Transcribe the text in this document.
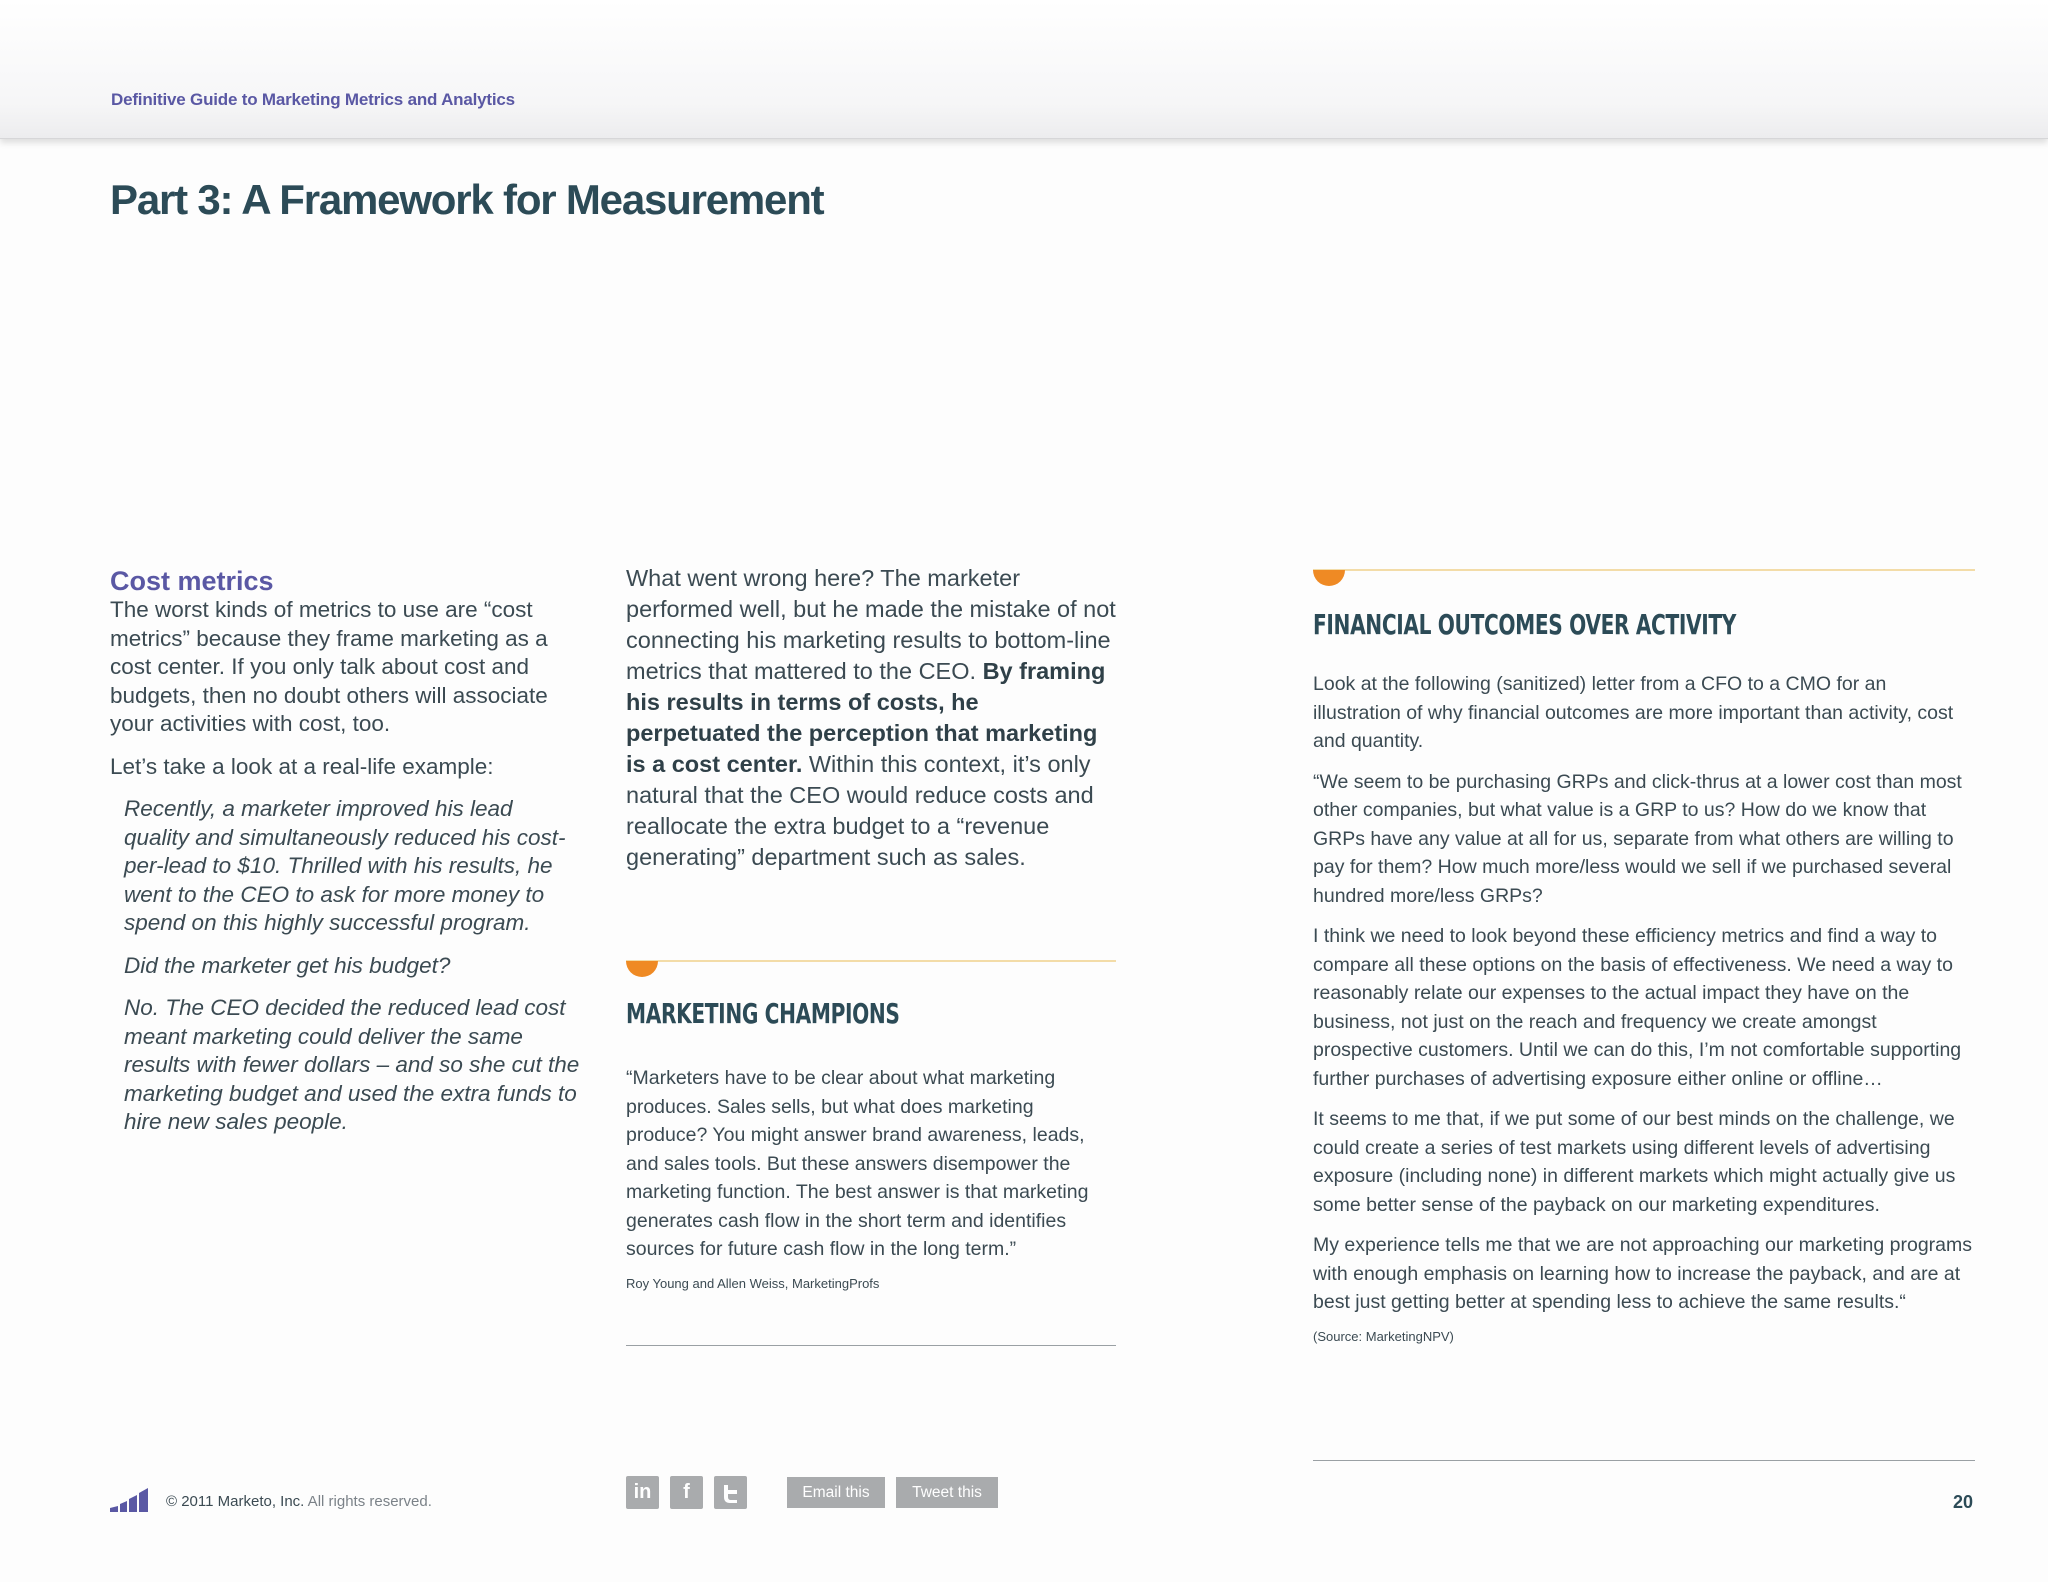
Definitive Guide to Marketing Metrics and Analytics
Part 3: A Framework for Measurement
Cost metrics

The worst kinds of metrics to use are “cost metrics” because they frame marketing as a cost center. If you only talk about cost and budgets, then no doubt others will associate your activities with cost, too.

Let’s take a look at a real-life example:

Recently, a marketer improved his lead quality and simultaneously reduced his cost-per-lead to $10. Thrilled with his results, he went to the CEO to ask for more money to spend on this highly successful program.

Did the marketer get his budget?

No. The CEO decided the reduced lead cost meant marketing could deliver the same results with fewer dollars – and so she cut the marketing budget and used the extra funds to hire new sales people.

What went wrong here? The marketer performed well, but he made the mistake of not connecting his marketing results to bottom-line metrics that mattered to the CEO. By framing his results in terms of costs, he perpetuated the perception that marketing is a cost center. Within this context, it’s only natural that the CEO would reduce costs and reallocate the extra budget to a “revenue generating” department such as sales.

MARKETING CHAMPIONS

“Marketers have to be clear about what marketing produces. Sales sells, but what does marketing produce? You might answer brand awareness, leads, and sales tools. But these answers disempower the marketing function. The best answer is that marketing generates cash flow in the short term and identifies sources for future cash flow in the long term.”

Roy Young and Allen Weiss, MarketingProfs
FINANCIAL OUTCOMES OVER ACTIVITY

Look at the following (sanitized) letter from a CFO to a CMO for an illustration of why financial outcomes are more important than activity, cost and quantity.

“We seem to be purchasing GRPs and click-thrus at a lower cost than most other companies, but what value is a GRP to us? How do we know that GRPs have any value at all for us, separate from what others are willing to pay for them? How much more/less would we sell if we purchased several hundred more/less GRPs?

I think we need to look beyond these efficiency metrics and find a way to compare all these options on the basis of effectiveness. We need a way to reasonably relate our expenses to the actual impact they have on the business, not just on the reach and frequency we create amongst prospective customers. Until we can do this, I’m not comfortable supporting further purchases of advertising exposure either online or offline…

It seems to me that, if we put some of our best minds on the challenge, we could create a series of test markets using different levels of advertising exposure (including none) in different markets which might actually give us some better sense of the payback on our marketing expenditures.

My experience tells me that we are not approaching our marketing programs with enough emphasis on learning how to increase the payback, and are at best just getting better at spending less to achieve the same results.“

(Source: MarketingNPV)
© 2011 Marketo, Inc. All rights reserved.	in	f	Email this	Tweet this	20
